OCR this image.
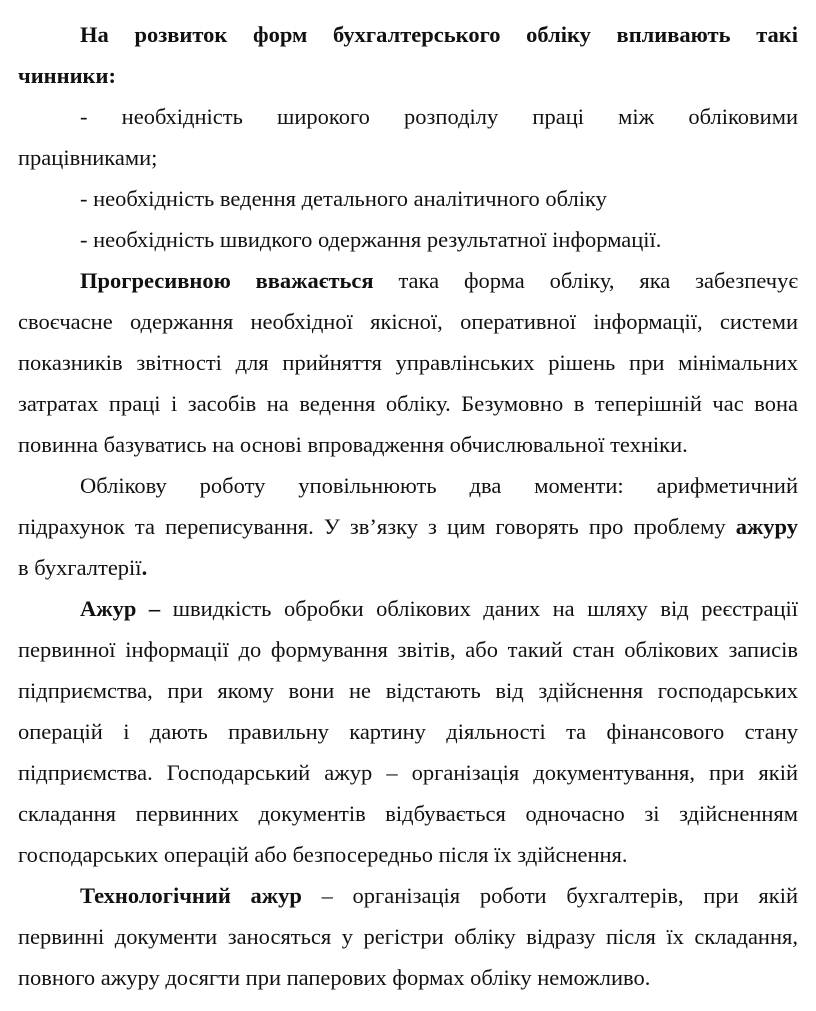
На розвиток форм бухгалтерського обліку впливають такі
чинники:
- необхідність широкого розподілу праці між обліковими
працівниками;
- необхідність ведення детального аналітичного обліку
- необхідність швидкого одержання результатної інформації.
Прогресивною вважається така форма обліку, яка забезпечує
своєчасне одержання необхідної якісної, оперативної інформації, системи
показників звітності для прийняття управлінських рішень при мінімальних
затратах праці і засобів на ведення обліку. Безумовно в теперішній час вона
повинна базуватись на основі впровадження обчислювальної техніки.
Облікову роботу уповільнюють два моменти: арифметичний
підрахунок та переписування. У зв’язку з цим говорять про проблему ажуру
в бухгалтерії.
Ажур – швидкість обробки облікових даних на шляху від реєстрації
первинної інформації до формування звітів, або такий стан облікових записів
підприємства, при якому вони не відстають від здійснення господарських
операцій і дають правильну картину діяльності та фінансового стану
підприємства. Господарський ажур – організація документування, при якій
складання первинних документів відбувається одночасно зі здійсненням
господарських операцій або безпосередньо після їх здійснення.
Технологічний ажур – організація роботи бухгалтерів, при якій
первинні документи заносяться у регістри обліку відразу після їх складання,
повного ажуру досягти при паперових формах обліку неможливо.
